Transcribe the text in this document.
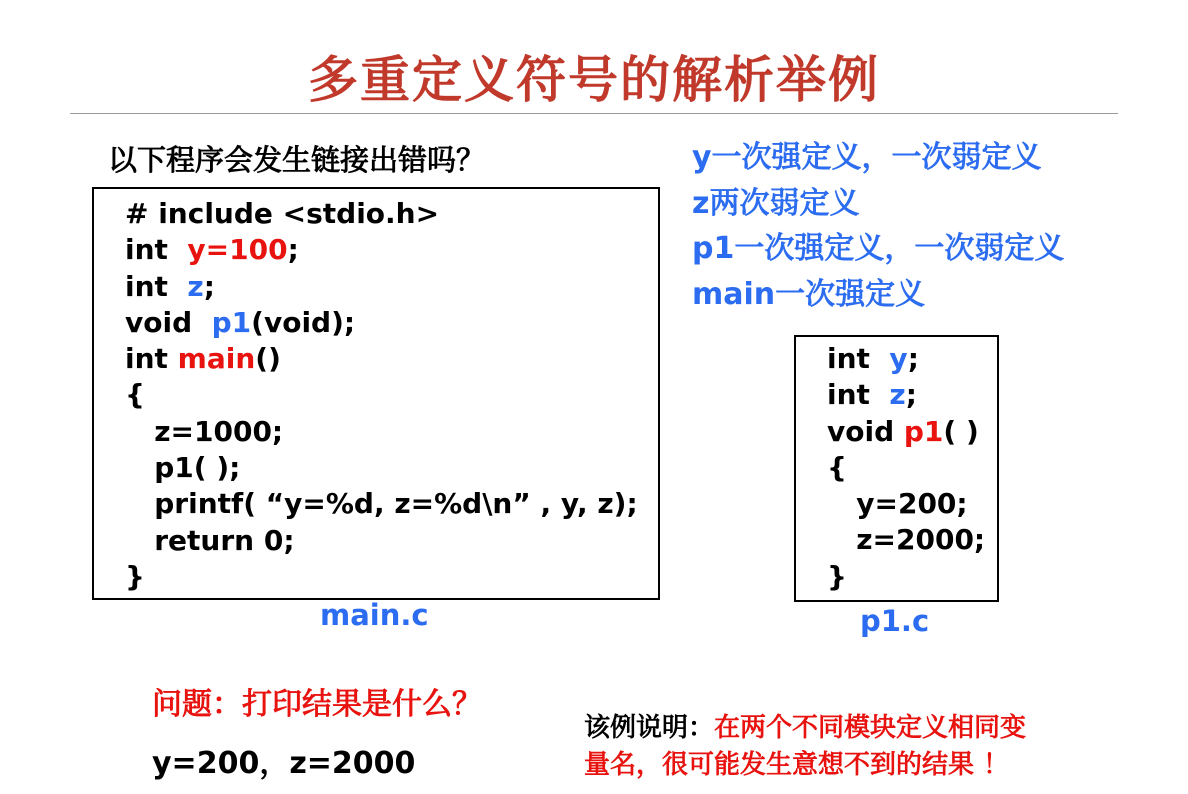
多重定义符号的解析举例
以下程序会发生链接出错吗？
# include <stdio.h>
int  y=100;
int  z;
void  p1(void);
int main()
{
z=1000;
p1( );
printf( “y=%d, z=%d\n” , y, z);
return 0;
}
main.c
y一次强定义，一次弱定义
z两次弱定义
p1一次强定义，一次弱定义
main一次强定义
int  y;
int  z;
void p1( )
{
y=200;
z=2000;
}
p1.c
问题：打印结果是什么？
y=200，z=2000
该例说明：在两个不同模块定义相同变
量名，很可能发生意想不到的结果 ！
